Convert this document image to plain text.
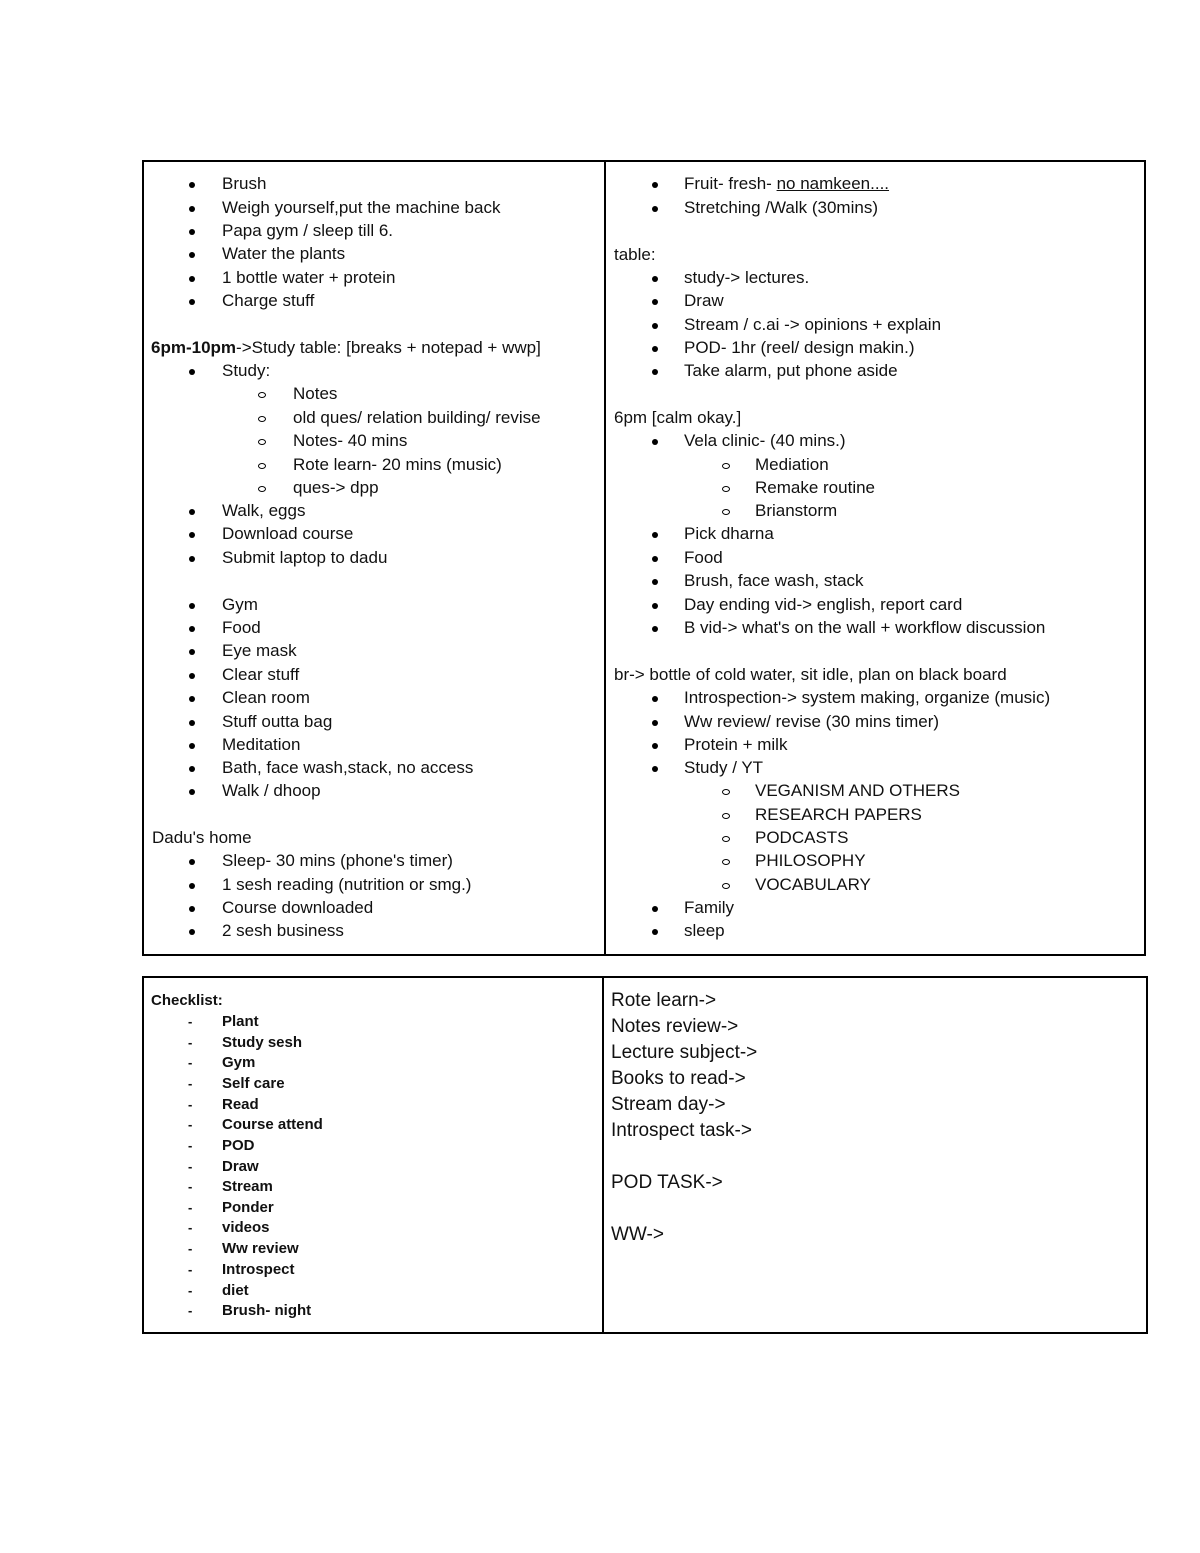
Brush
Weigh yourself,put the machine back
Papa gym / sleep till 6.
Water the plants
1 bottle water + protein
Charge stuff
6pm-10pm->Study table: [breaks + notepad + wwp]
Study:
Notes
old ques/ relation building/ revise
Notes- 40 mins
Rote learn- 20 mins (music)
ques-> dpp
Walk, eggs
Download course
Submit laptop to dadu
Gym
Food
Eye mask
Clear stuff
Clean room
Stuff outta bag
Meditation
Bath, face wash,stack, no access
Walk / dhoop
Dadu's home
Sleep- 30 mins (phone's timer)
1 sesh reading (nutrition or smg.)
Course downloaded
2 sesh business
Fruit- fresh- no namkeen....
Stretching /Walk (30mins)
table:
study-> lectures.
Draw
Stream / c.ai -> opinions + explain
POD- 1hr (reel/ design makin.)
Take alarm, put phone aside
6pm [calm okay.]
Vela clinic- (40 mins.)
Mediation
Remake routine
Brianstorm
Pick dharna
Food
Brush, face wash, stack
Day ending vid-> english, report card
B vid-> what's on the wall + workflow discussion
br-> bottle of cold water, sit idle, plan on black board
Introspection-> system making, organize (music)
Ww review/ revise (30 mins timer)
Protein + milk
Study / YT
VEGANISM AND OTHERS
RESEARCH PAPERS
PODCASTS
PHILOSOPHY
VOCABULARY
Family
sleep
Checklist:
- Plant
- Study sesh
- Gym
- Self care
- Read
- Course attend
- POD
- Draw
- Stream
- Ponder
- videos
- Ww review
- Introspect
- diet
- Brush- night
Rote learn->
Notes review->
Lecture subject->
Books to read->
Stream day->
Introspect task->
POD TASK->
WW->
